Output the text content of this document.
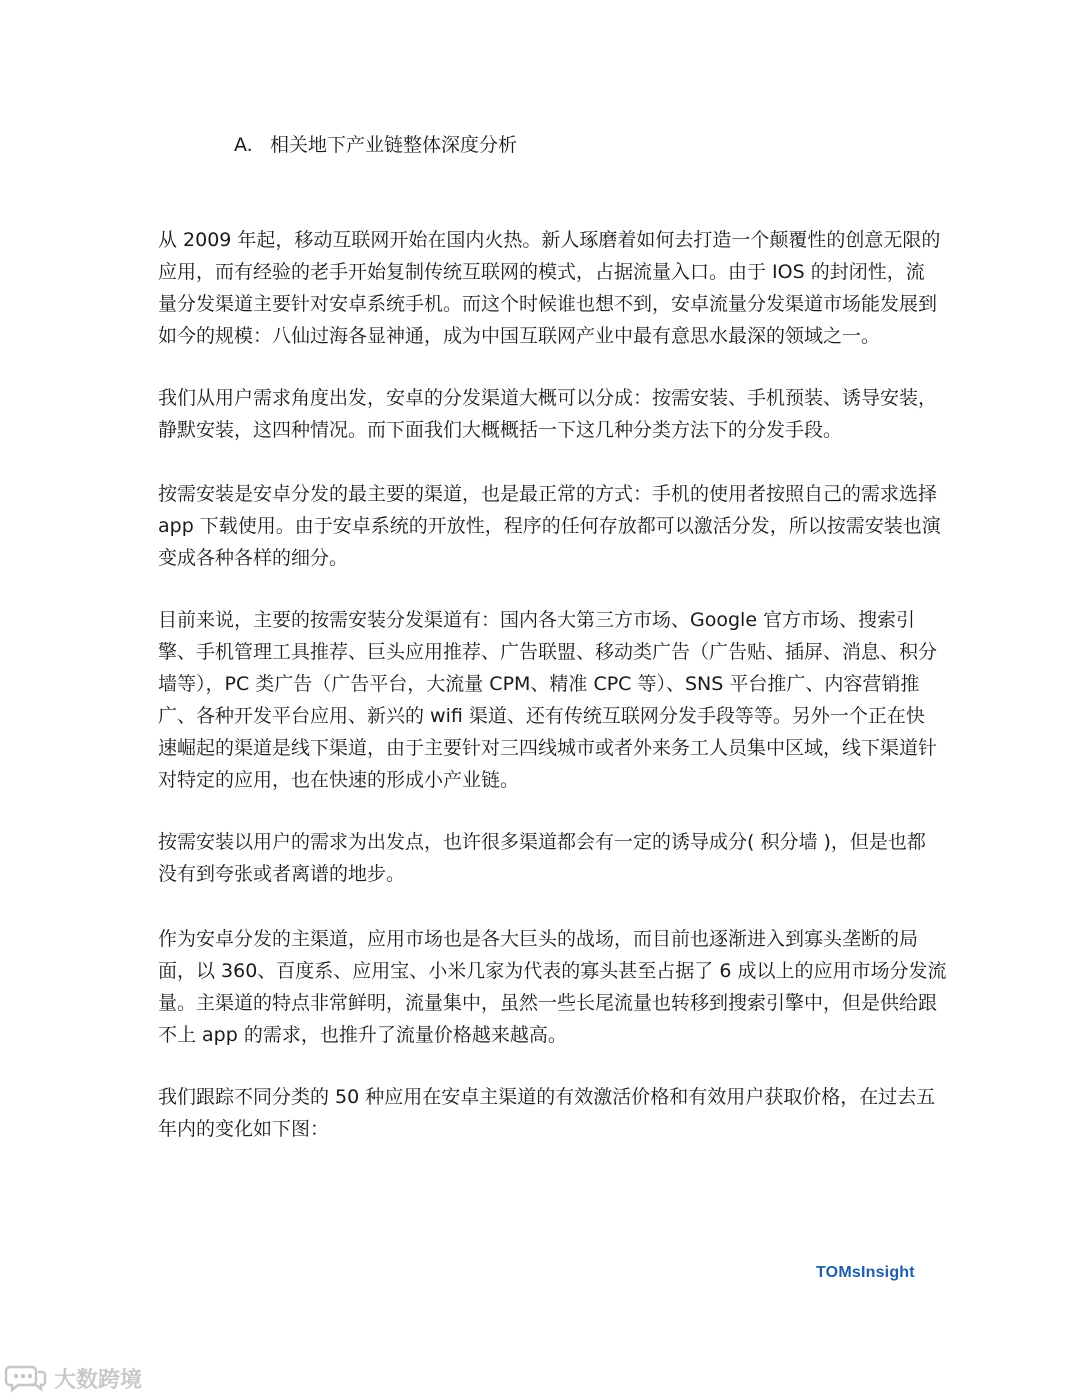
A. 相关地下产业链整体深度分析

从 2009 年起，移动互联网开始在国内火热。新人琢磨着如何去打造一个颠覆性的创意无限的
应用，而有经验的老手开始复制传统互联网的模式，占据流量入口。由于 IOS 的封闭性，流
量分发渠道主要针对安卓系统手机。而这个时候谁也想不到，安卓流量分发渠道市场能发展到
如今的规模：八仙过海各显神通，成为中国互联网产业中最有意思水最深的领域之一。

我们从用户需求角度出发，安卓的分发渠道大概可以分成：按需安装、手机预装、诱导安装，
静默安装，这四种情况。而下面我们大概概括一下这几种分类方法下的分发手段。

按需安装是安卓分发的最主要的渠道，也是最正常的方式：手机的使用者按照自己的需求选择
app 下载使用。由于安卓系统的开放性，程序的任何存放都可以激活分发，所以按需安装也演
变成各种各样的细分。

目前来说，主要的按需安装分发渠道有：国内各大第三方市场、Google 官方市场、搜索引
擎、手机管理工具推荐、巨头应用推荐、广告联盟、移动类广告（广告贴、插屏、消息、积分
墙等），PC 类广告（广告平台，大流量 CPM、精准 CPC 等）、SNS 平台推广、内容营销推
广、各种开发平台应用、新兴的 wifi 渠道、还有传统互联网分发手段等等。另外一个正在快
速崛起的渠道是线下渠道，由于主要针对三四线城市或者外来务工人员集中区域，线下渠道针
对特定的应用，也在快速的形成小产业链。

按需安装以用户的需求为出发点，也许很多渠道都会有一定的诱导成分( 积分墙 )，但是也都
没有到夸张或者离谱的地步。

作为安卓分发的主渠道，应用市场也是各大巨头的战场，而目前也逐渐进入到寡头垄断的局
面，以 360、百度系、应用宝、小米几家为代表的寡头甚至占据了 6 成以上的应用市场分发流
量。主渠道的特点非常鲜明，流量集中，虽然一些长尾流量也转移到搜索引擎中，但是供给跟
不上 app 的需求，也推升了流量价格越来越高。

我们跟踪不同分类的 50 种应用在安卓主渠道的有效激活价格和有效用户获取价格，在过去五
年内的变化如下图：

TOMsInsight
大数跨境
